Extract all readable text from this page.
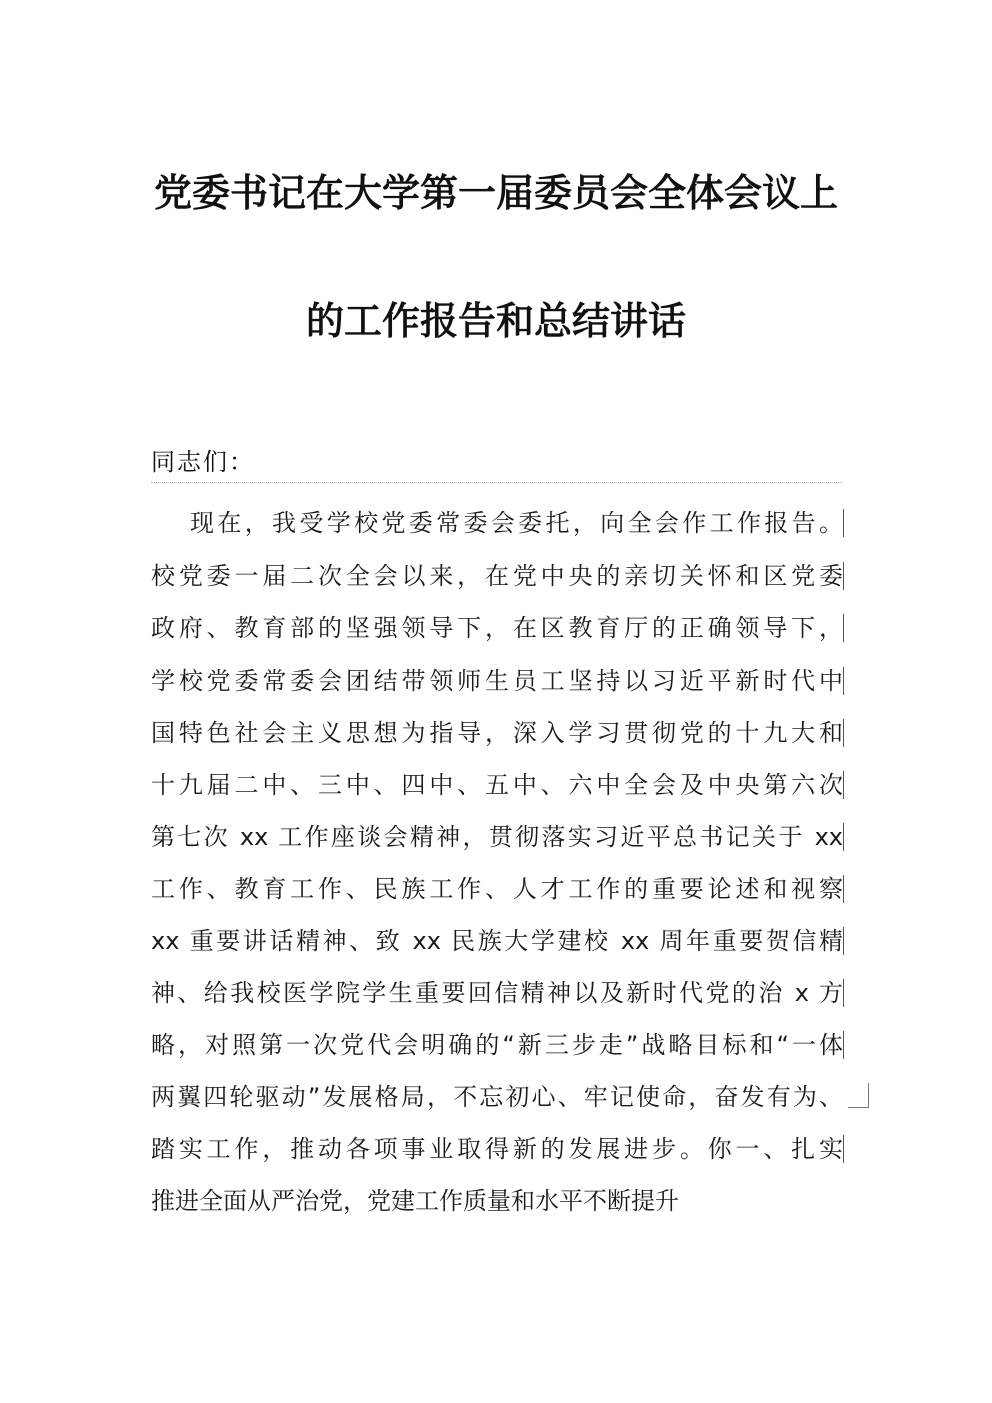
党委书记在大学第一届委员会全体会议上
的工作报告和总结讲话
同志们：
现在，我受学校党委常委会委托，向全会作工作报告。
校党委一届二次全会以来，在党中央的亲切关怀和区党委
政府、教育部的坚强领导下，在区教育厅的正确领导下，
学校党委常委会团结带领师生员工坚持以习近平新时代中
国特色社会主义思想为指导，深入学习贯彻党的十九大和
十九届二中、三中、四中、五中、六中全会及中央第六次
第七次 xx 工作座谈会精神，贯彻落实习近平总书记关于 xx
工作、教育工作、民族工作、人才工作的重要论述和视察
xx 重要讲话精神、致 xx 民族大学建校 xx 周年重要贺信精
神、给我校医学院学生重要回信精神以及新时代党的治 x 方
略，对照第一次党代会明确的“新三步走”战略目标和“一体
两翼四轮驱动”发展格局，不忘初心、牢记使命，奋发有为、
踏实工作，推动各项事业取得新的发展进步。你一、扎实
推进全面从严治党，党建工作质量和水平不断提升
